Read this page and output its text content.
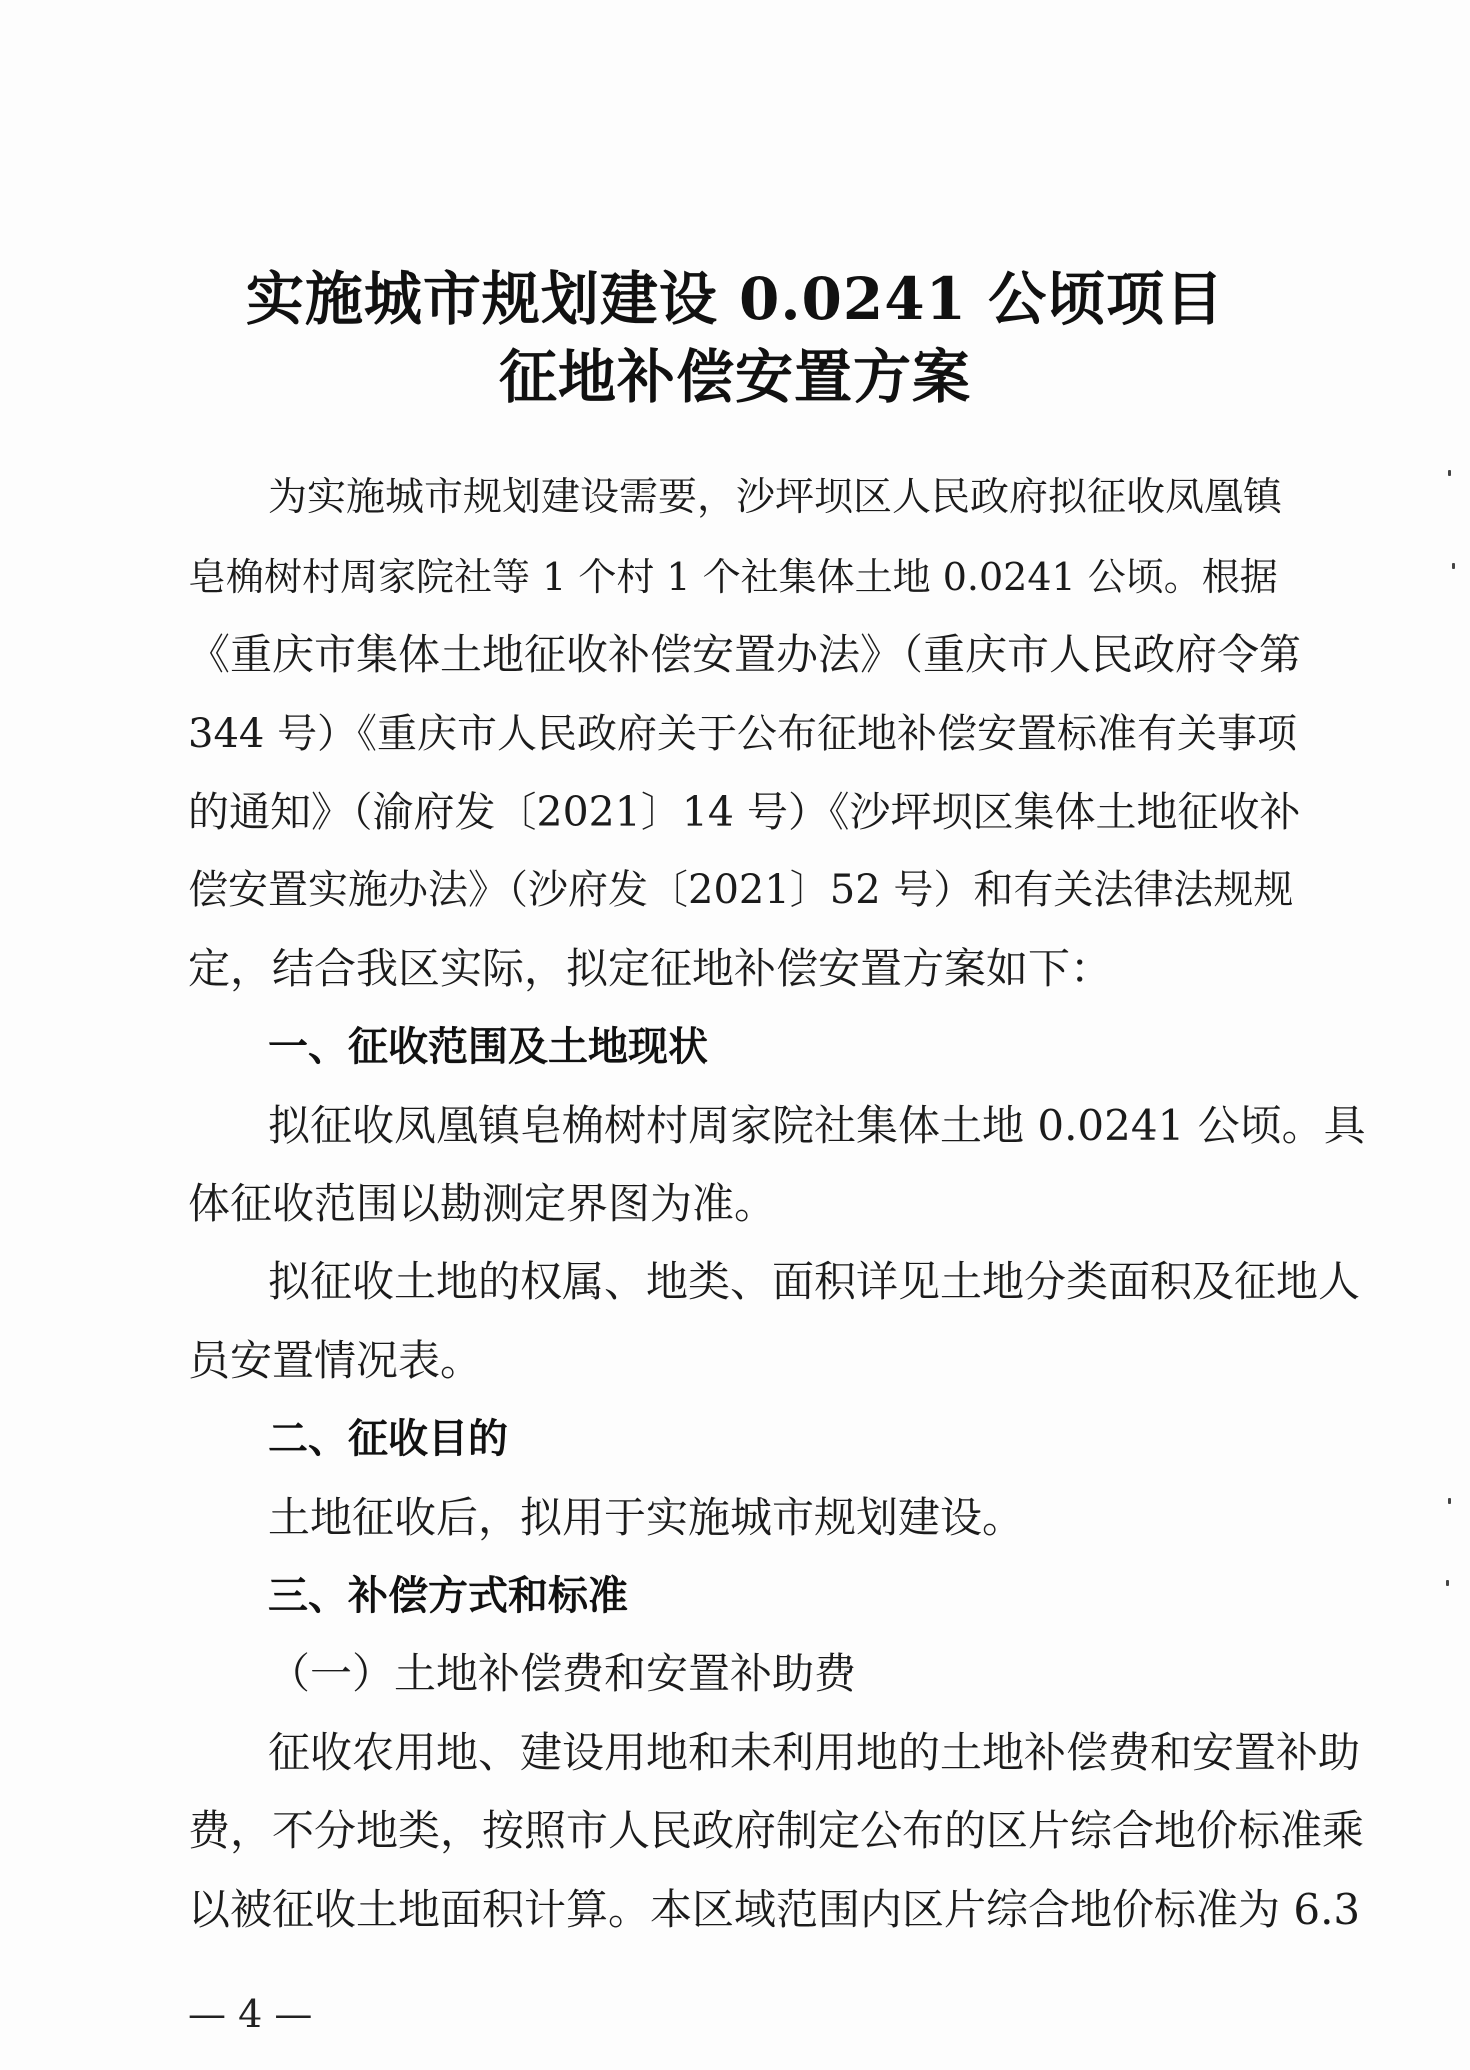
实施城市规划建设 0.0241 公顷项目
征地补偿安置方案
为实施城市规划建设需要，沙坪坝区人民政府拟征收凤凰镇
皂桷树村周家院社等 1 个村 1 个社集体土地 0.0241 公顷。根据
《重庆市集体土地征收补偿安置办法》（重庆市人民政府令第
344 号）《重庆市人民政府关于公布征地补偿安置标准有关事项
的通知》（渝府发〔2021〕14 号）《沙坪坝区集体土地征收补
偿安置实施办法》（沙府发〔2021〕52 号）和有关法律法规规
定，结合我区实际，拟定征地补偿安置方案如下：
一、征收范围及土地现状
拟征收凤凰镇皂桷树村周家院社集体土地 0.0241 公顷。具
体征收范围以勘测定界图为准。
拟征收土地的权属、地类、面积详见土地分类面积及征地人
员安置情况表。
二、征收目的
土地征收后，拟用于实施城市规划建设。
三、补偿方式和标准
（一）土地补偿费和安置补助费
征收农用地、建设用地和未利用地的土地补偿费和安置补助
费，不分地类，按照市人民政府制定公布的区片综合地价标准乘
以被征收土地面积计算。本区域范围内区片综合地价标准为 6.3
— 4 —
